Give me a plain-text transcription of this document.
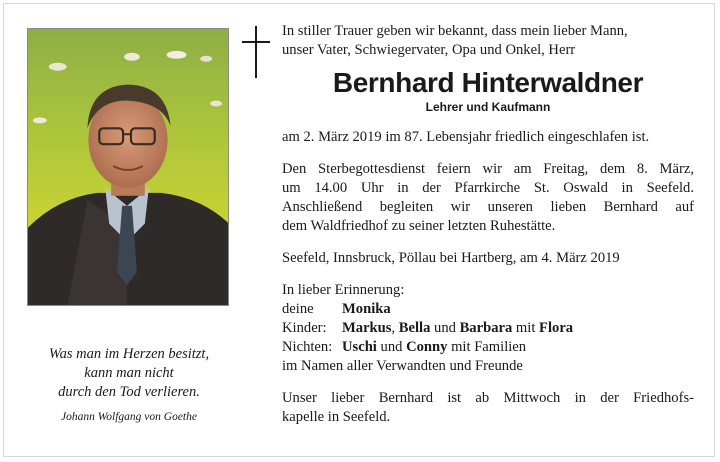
Was man im Herzen besitzt,
kann man nicht
durch den Tod verlieren.
Johann Wolfgang von Goethe
In stiller Trauer geben wir bekannt, dass mein lieber Mann,
unser Vater, Schwiegervater, Opa und Onkel, Herr
Bernhard Hinterwaldner
Lehrer und Kaufmann
am 2. März 2019 im 87. Lebensjahr friedlich eingeschlafen ist.
Den Sterbegottesdienst feiern wir am Freitag, dem 8. März,
um 14.00 Uhr in der Pfarrkirche St. Oswald in Seefeld.
Anschließend begleiten wir unseren lieben Bernhard auf
dem Waldfriedhof zu seiner letzten Ruhestätte.
Seefeld, Innsbruck, Pöllau bei Hartberg, am 4. März 2019
In lieber Erinnerung:
deine Monika
Kinder: Markus, Bella und Barbara mit Flora
Nichten: Uschi und Conny mit Familien
im Namen aller Verwandten und Freunde
Unser lieber Bernhard ist ab Mittwoch in der Friedhofs-
kapelle in Seefeld.
